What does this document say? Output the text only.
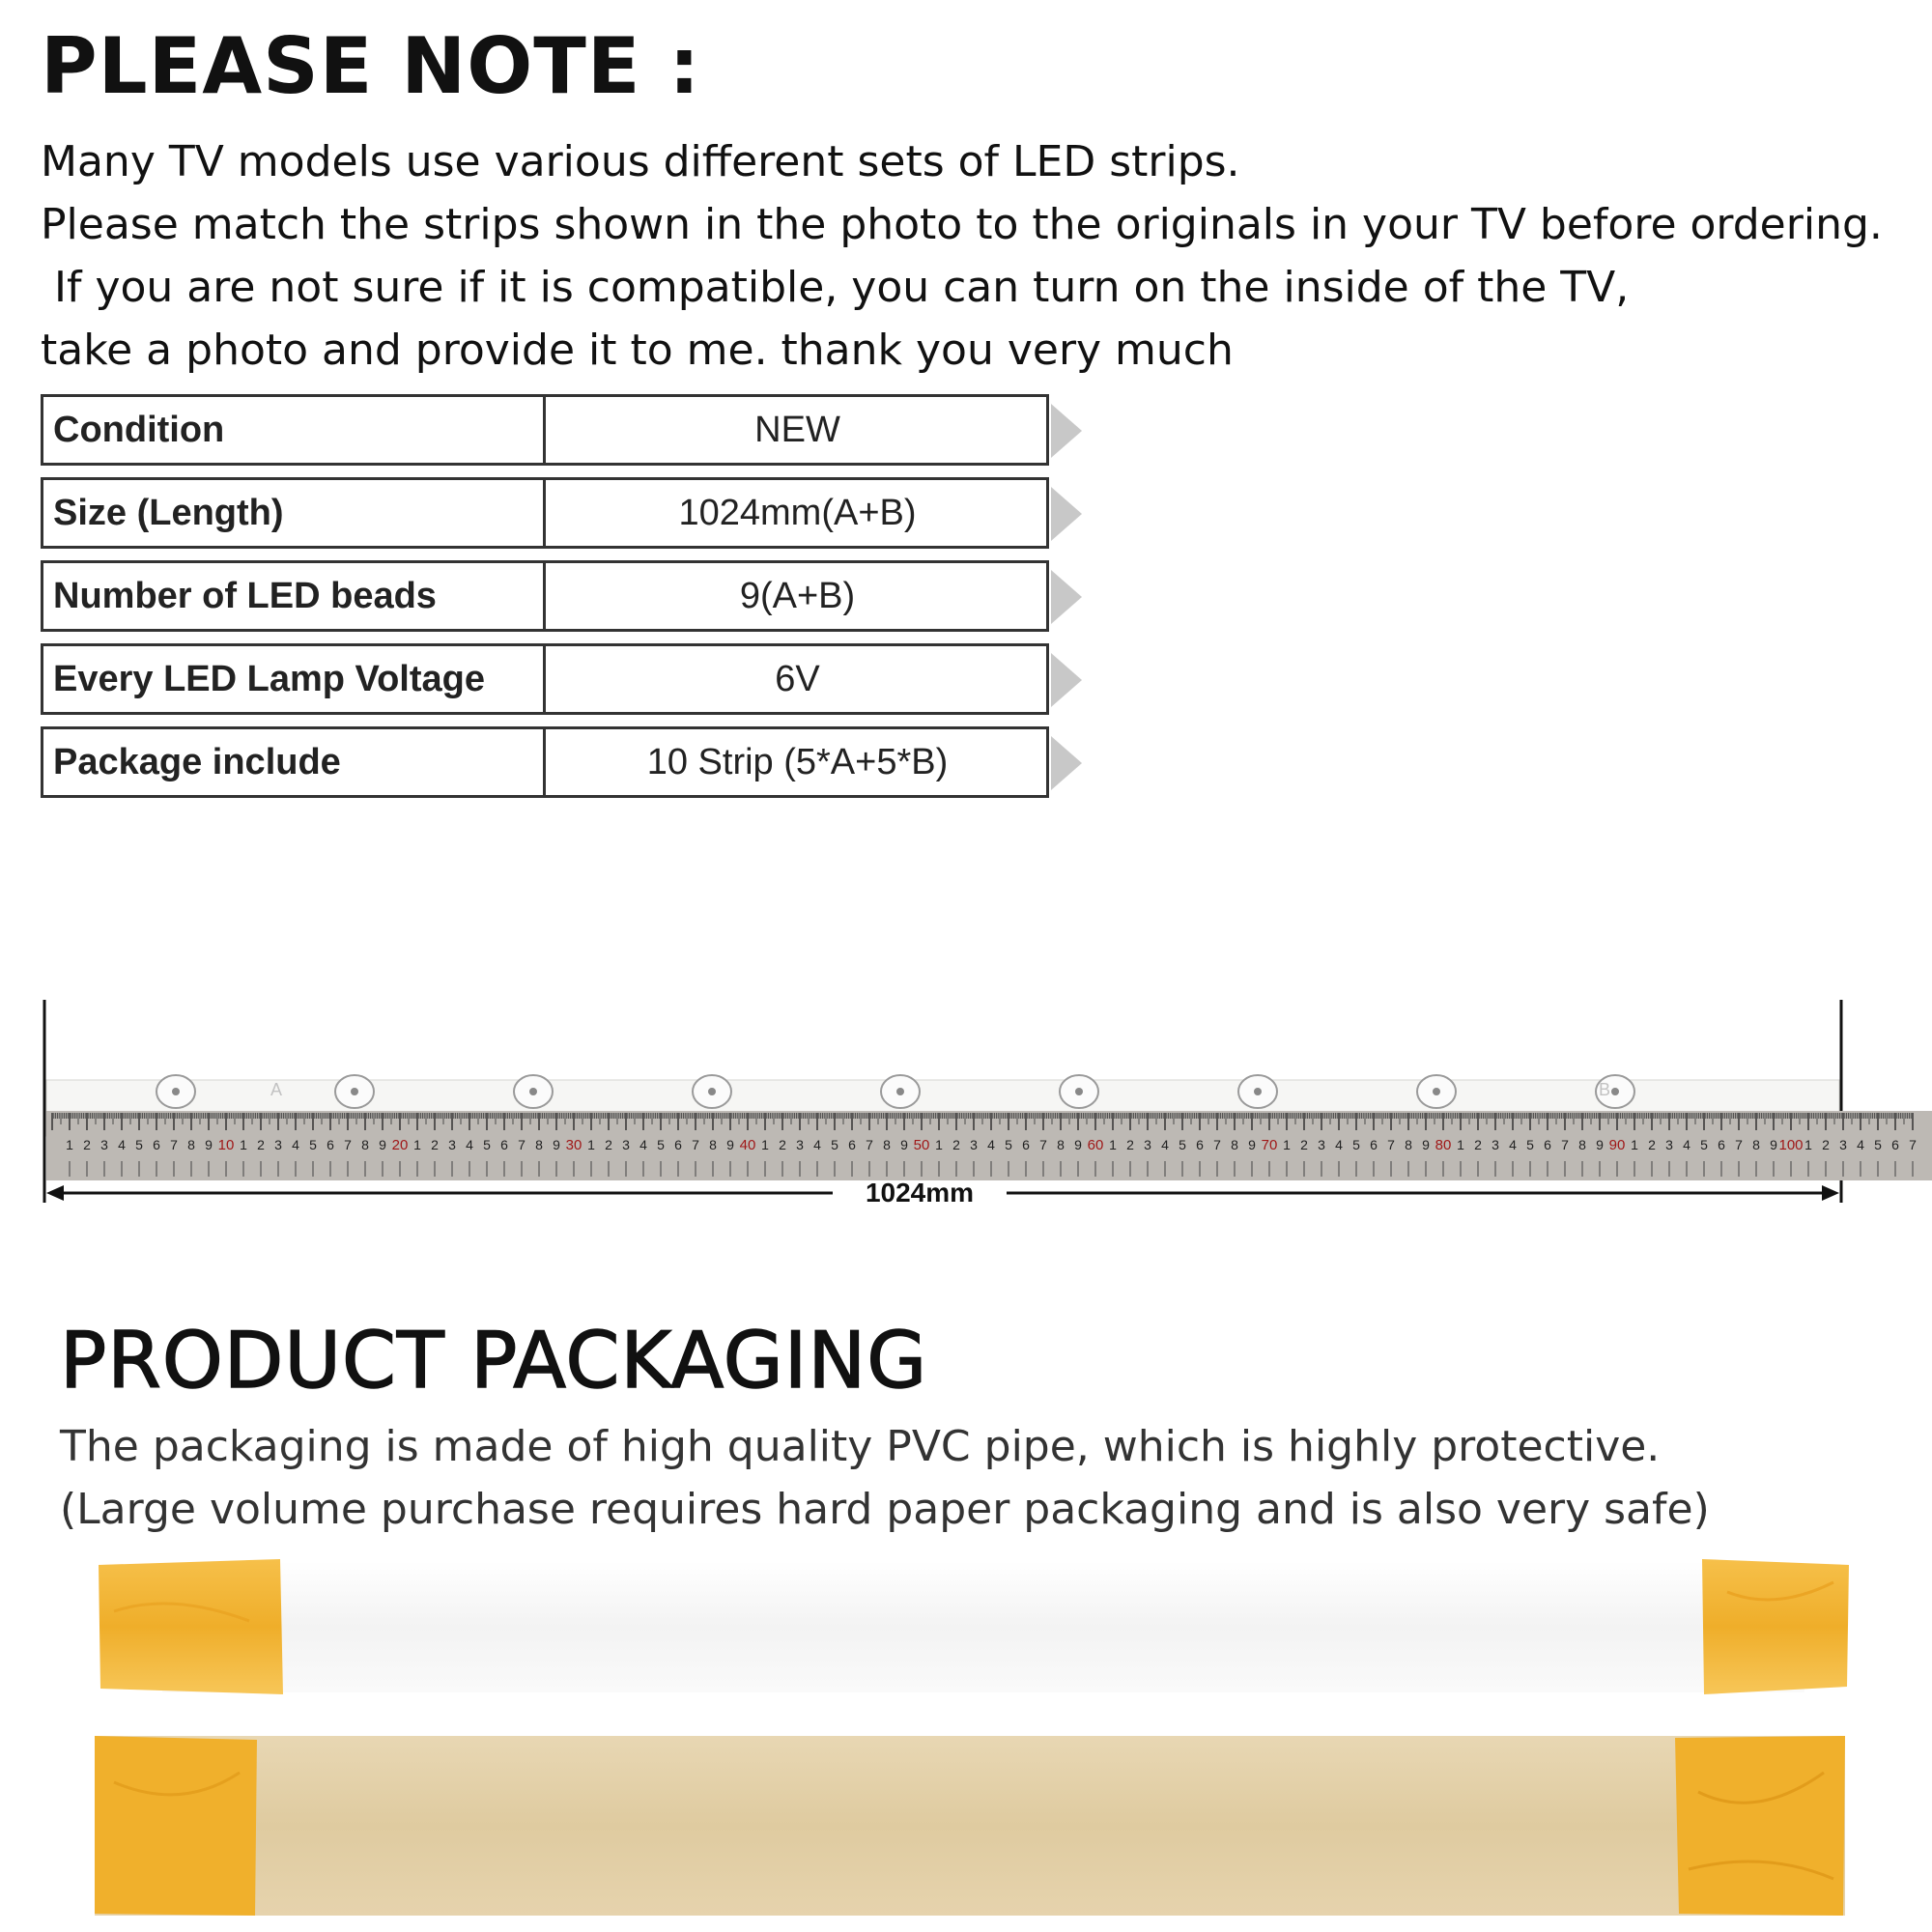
PLEASE NOTE :
Many TV models use various different sets of LED strips.
Please match the strips shown in the photo to the originals in your TV before ordering.
If you are not sure if it is compatible, you can turn on the inside of the TV,
take a photo and provide it to me. thank you very much
Condition	NEW
Size (Length)	1024mm(A+B)
Number of LED beads	9(A+B)
Every LED Lamp Voltage	6V
Package include	10 Strip (5*A+5*B)
A	B
1 2 3 4 5 6 7 8 9 10 1 2 3 4 5 6 7 8 9 20 1 2 3 4 5 6 7 8 9 30 1 2 3 4 5 6 7 8 9 40 1 2 3 4 5 6 7 8 9 50 1 2 3 4 5 6 7 8 9 60 1 2 3 4 5 6 7 8 9 70 1 2 3 4 5 6 7 8 9 80 1 2 3 4 5 6 7 8 9 90 1 2 3 4 5 6 7 8 9 100 1 2 3 4 5 6 7
1024mm
PRODUCT PACKAGING
The packaging is made of high quality PVC pipe, which is highly protective.
(Large volume purchase requires hard paper packaging and is also very safe)
